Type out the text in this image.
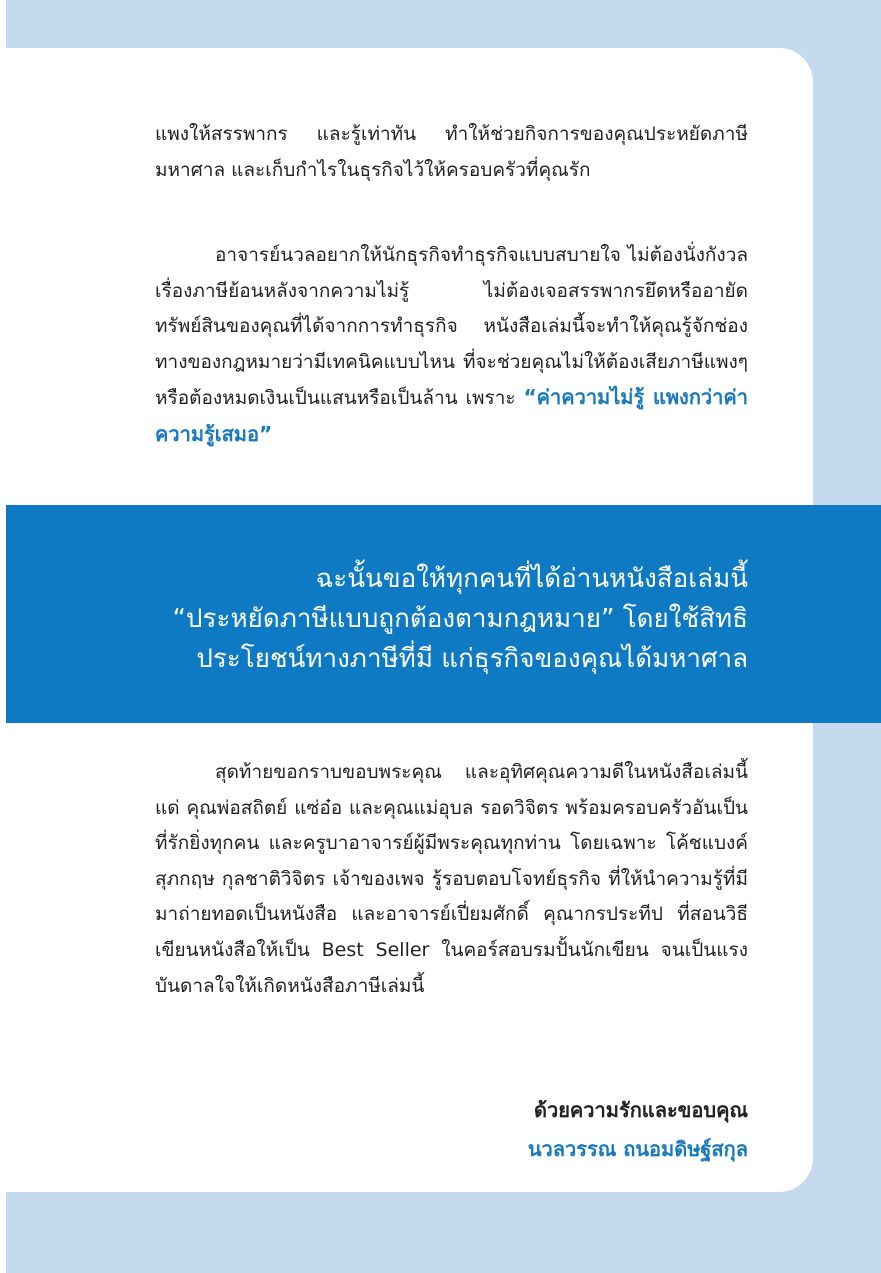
แพงให้สรรพากร และรู้เท่าทัน ทำให้ช่วยกิจการของคุณประหยัดภาษีมหาศาล และเก็บกำไรในธุรกิจไว้ให้ครอบครัวที่คุณรัก

อาจารย์นวลอยากให้นักธุรกิจทำธุรกิจแบบสบายใจ ไม่ต้องนั่งกังวลเรื่องภาษีย้อนหลังจากความไม่รู้ ไม่ต้องเจอสรรพากรยึดหรืออายัดทรัพย์สินของคุณที่ได้จากการทำธุรกิจ หนังสือเล่มนี้จะทำให้คุณรู้จักช่องทางของกฎหมายว่ามีเทคนิคแบบไหน ที่จะช่วยคุณไม่ให้ต้องเสียภาษีแพงๆ หรือต้องหมดเงินเป็นแสนหรือเป็นล้าน เพราะ “ค่าความไม่รู้ แพงกว่าค่าความรู้เสมอ”

ฉะนั้นขอให้ทุกคนที่ได้อ่านหนังสือเล่มนี้
“ประหยัดภาษีแบบถูกต้องตามกฎหมาย” โดยใช้สิทธิ
ประโยชน์ทางภาษีที่มี แก่ธุรกิจของคุณได้มหาศาล

สุดท้ายขอกราบขอบพระคุณ และอุทิศคุณความดีในหนังสือเล่มนี้แด่ คุณพ่อสถิตย์ แซ่อ๋อ และคุณแม่อุบล รอดวิจิตร พร้อมครอบครัวอันเป็นที่รักยิ่งทุกคน และครูบาอาจารย์ผู้มีพระคุณทุกท่าน โดยเฉพาะ โค้ชแบงค์ สุภกฤษ กุลชาติวิจิตร เจ้าของเพจ รู้รอบตอบโจทย์ธุรกิจ ที่ให้นำความรู้ที่มีมาถ่ายทอดเป็นหนังสือ และอาจารย์เปี่ยมศักดิ์ คุณากรประทีป ที่สอนวิธีเขียนหนังสือให้เป็น Best Seller ในคอร์สอบรมปั้นนักเขียน จนเป็นแรงบันดาลใจให้เกิดหนังสือภาษีเล่มนี้

ด้วยความรักและขอบคุณ

นวลวรรณ ถนอมดิษฐ์สกุล
